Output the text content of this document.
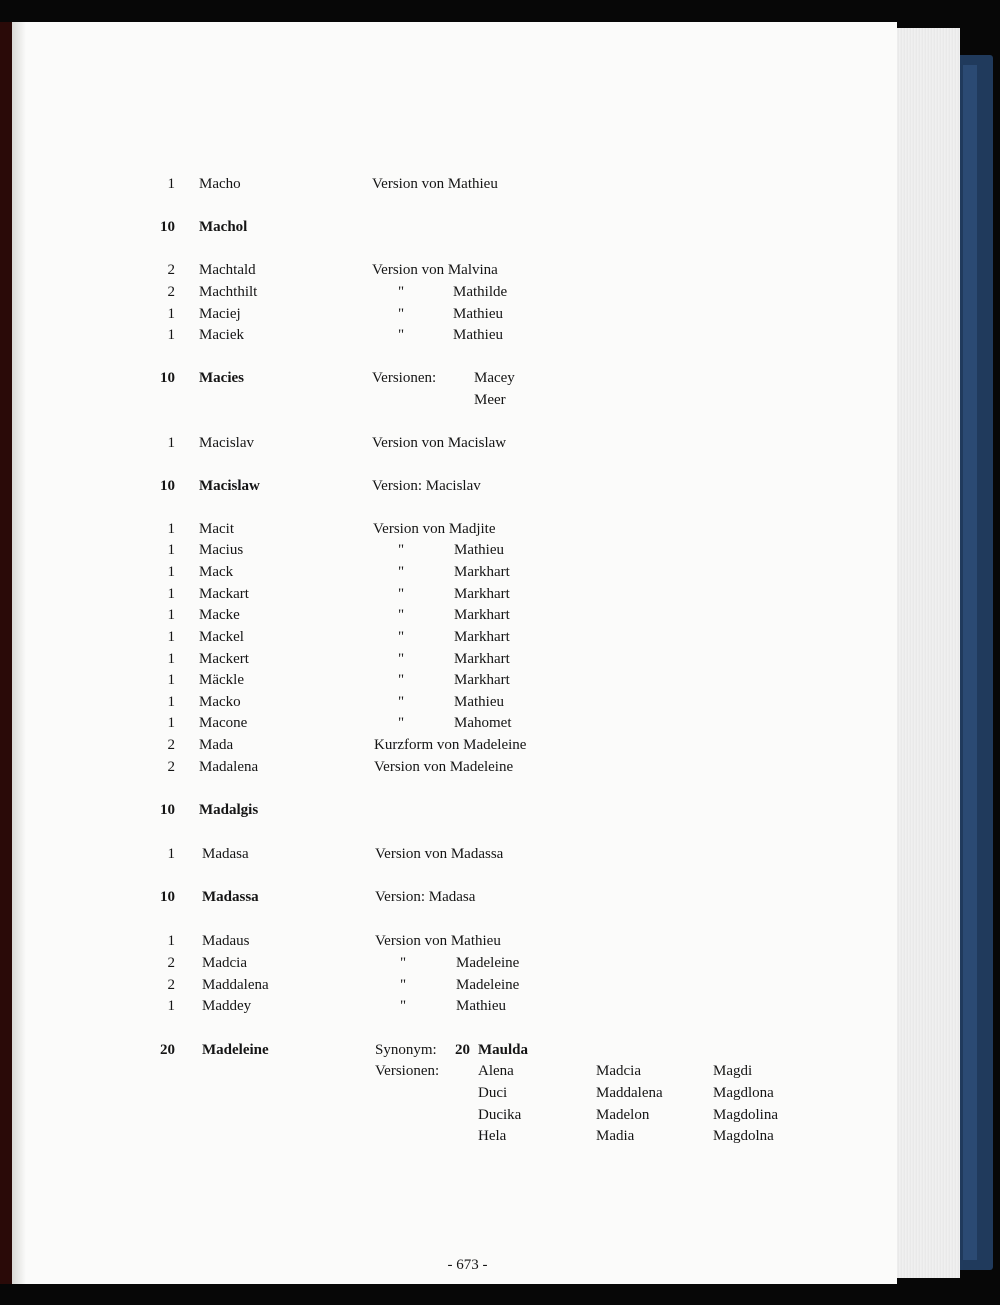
1 Macho	Version von Mathieu
10 Machol
2 Machtald	Version von Malvina
2 Machthilt	"	Mathilde
1 Maciej	"	Mathieu
1 Maciek	"	Mathieu
10 Macies	Versionen:	Macey
Meer
1 Macislav	Version von Macislaw
10 Macislaw	Version: Macislav
1 Macit	Version von Madjite
1 Macius	"	Mathieu
1 Mack	"	Markhart
1 Mackart	"	Markhart
1 Macke	"	Markhart
1 Mackel	"	Markhart
1 Mackert	"	Markhart
1 Mäckle	"	Markhart
1 Macko	"	Mathieu
1 Macone	"	Mahomet
2 Mada	Kurzform von Madeleine
2 Madalena	Version von Madeleine
10 Madalgis
1 Madasa	Version von Madassa
10 Madassa	Version: Madasa
1 Madaus	Version von Mathieu
2 Madcia	"	Madeleine
2 Maddalena	"	Madeleine
1 Maddey	"	Mathieu
20 Madeleine	Synonym: 20 Maulda
Versionen:	Alena	Madcia	Magdi
Duci	Maddalena	Magdlona
Ducika	Madelon	Magdolina
Hela	Madia	Magdolna
- 673 -
